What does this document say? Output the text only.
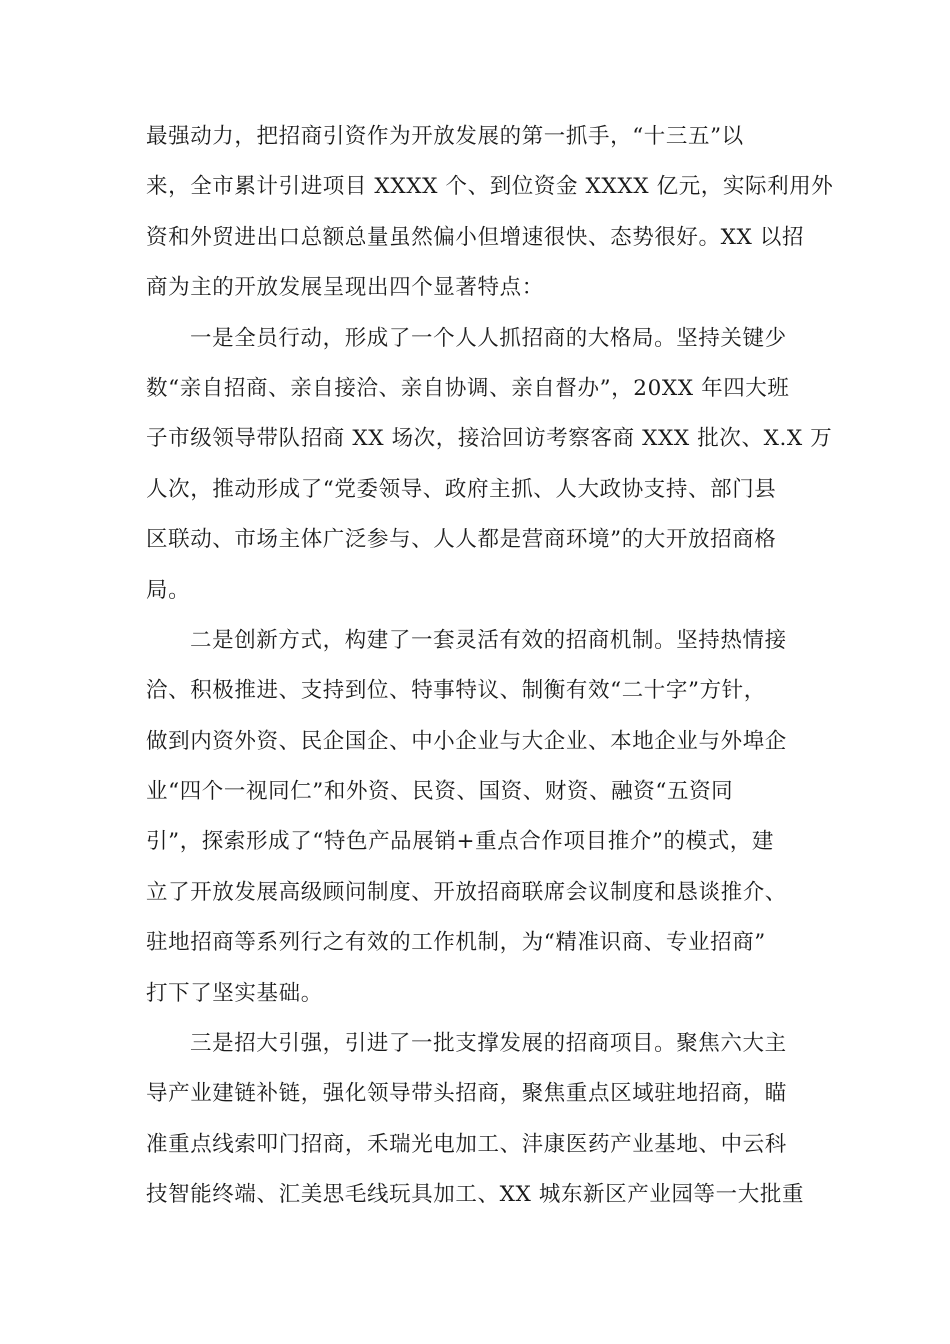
最强动力，把招商引资作为开放发展的第一抓手，“十三五”以
来，全市累计引进项目 XXXX 个、到位资金 XXXX 亿元，实际利用外
资和外贸进出口总额总量虽然偏小但增速很快、态势很好。XX 以招
商为主的开放发展呈现出四个显著特点：
一是全员行动，形成了一个人人抓招商的大格局。坚持关键少
数“亲自招商、亲自接洽、亲自协调、亲自督办”，20XX 年四大班
子市级领导带队招商 XX 场次，接洽回访考察客商 XXX 批次、X.X 万
人次，推动形成了“党委领导、政府主抓、人大政协支持、部门县
区联动、市场主体广泛参与、人人都是营商环境”的大开放招商格
局。
二是创新方式，构建了一套灵活有效的招商机制。坚持热情接
洽、积极推进、支持到位、特事特议、制衡有效“二十字”方针，
做到内资外资、民企国企、中小企业与大企业、本地企业与外埠企
业“四个一视同仁”和外资、民资、国资、财资、融资“五资同
引”，探索形成了“特色产品展销+重点合作项目推介”的模式，建
立了开放发展高级顾问制度、开放招商联席会议制度和恳谈推介、
驻地招商等系列行之有效的工作机制，为“精准识商、专业招商”
打下了坚实基础。
三是招大引强，引进了一批支撑发展的招商项目。聚焦六大主
导产业建链补链，强化领导带头招商，聚焦重点区域驻地招商，瞄
准重点线索叩门招商，禾瑞光电加工、沣康医药产业基地、中云科
技智能终端、汇美思毛线玩具加工、XX 城东新区产业园等一大批重
